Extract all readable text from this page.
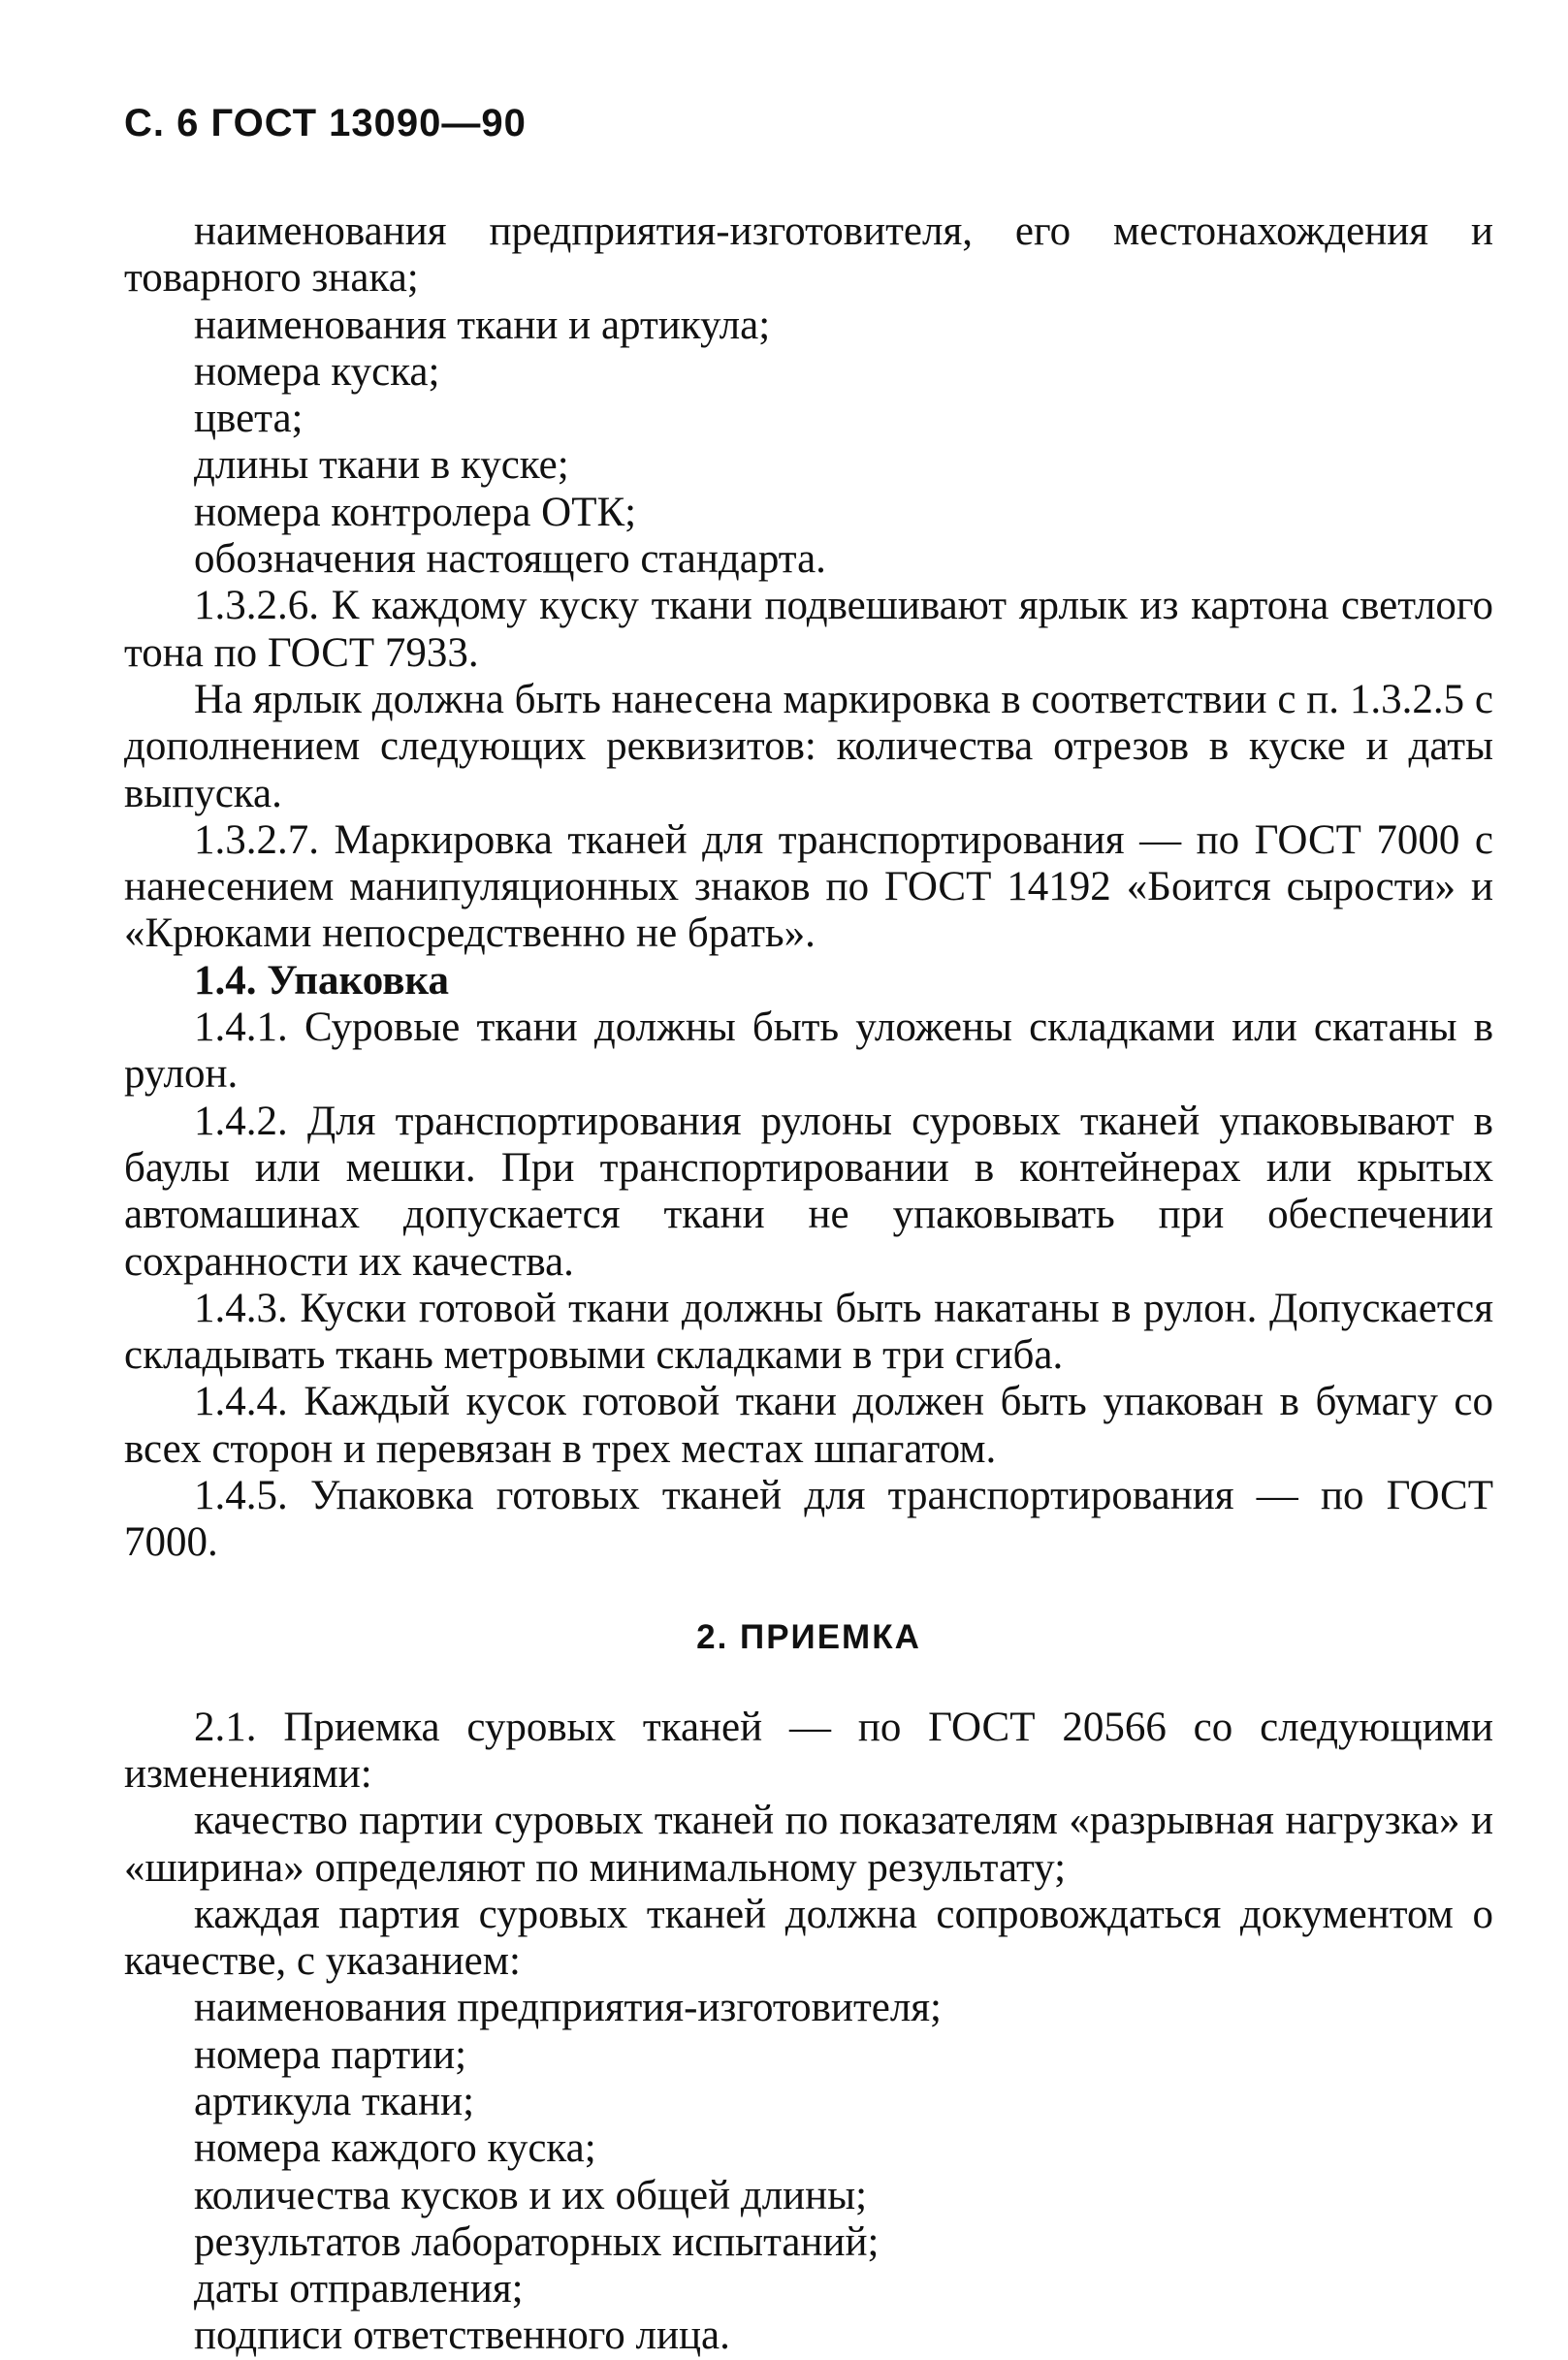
С. 6 ГОСТ 13090—90

наименования предприятия-изготовителя, его местонахождения и товарного знака;

наименования ткани и артикула;

номера куска;

цвета;

длины ткани в куске;

номера контролера ОТК;

обозначения настоящего стандарта.

1.3.2.6. К каждому куску ткани подвешивают ярлык из картона светлого тона по ГОСТ 7933.

На ярлык должна быть нанесена маркировка в соответствии с п. 1.3.2.5 с дополнением следующих реквизитов: количества отрезов в куске и даты выпуска.

1.3.2.7. Маркировка тканей для транспортирования — по ГОСТ 7000 с нанесением манипуляционных знаков по ГОСТ 14192 «Боится сырости» и «Крюками непосредственно не брать».

1.4. Упаковка

1.4.1. Суровые ткани должны быть уложены складками или скатаны в рулон.

1.4.2. Для транспортирования рулоны суровых тканей упаковывают в баулы или мешки. При транспортировании в контейнерах или крытых автомашинах допускается ткани не упаковывать при обеспечении сохранности их качества.

1.4.3. Куски готовой ткани должны быть накатаны в рулон. Допускается складывать ткань метровыми складками в три сгиба.

1.4.4. Каждый кусок готовой ткани должен быть упакован в бумагу со всех сторон и перевязан в трех местах шпагатом.

1.4.5. Упаковка готовых тканей для транспортирования — по ГОСТ 7000.

2. ПРИЕМКА

2.1. Приемка суровых тканей — по ГОСТ 20566 со следующими изменениями:

качество партии суровых тканей по показателям «разрывная нагрузка» и «ширина» определяют по минимальному результату;

каждая партия суровых тканей должна сопровождаться документом о качестве, с указанием:

наименования предприятия-изготовителя;

номера партии;

артикула ткани;

номера каждого куска;

количества кусков и их общей длины;

результатов лабораторных испытаний;

даты отправления;

подписи ответственного лица.
